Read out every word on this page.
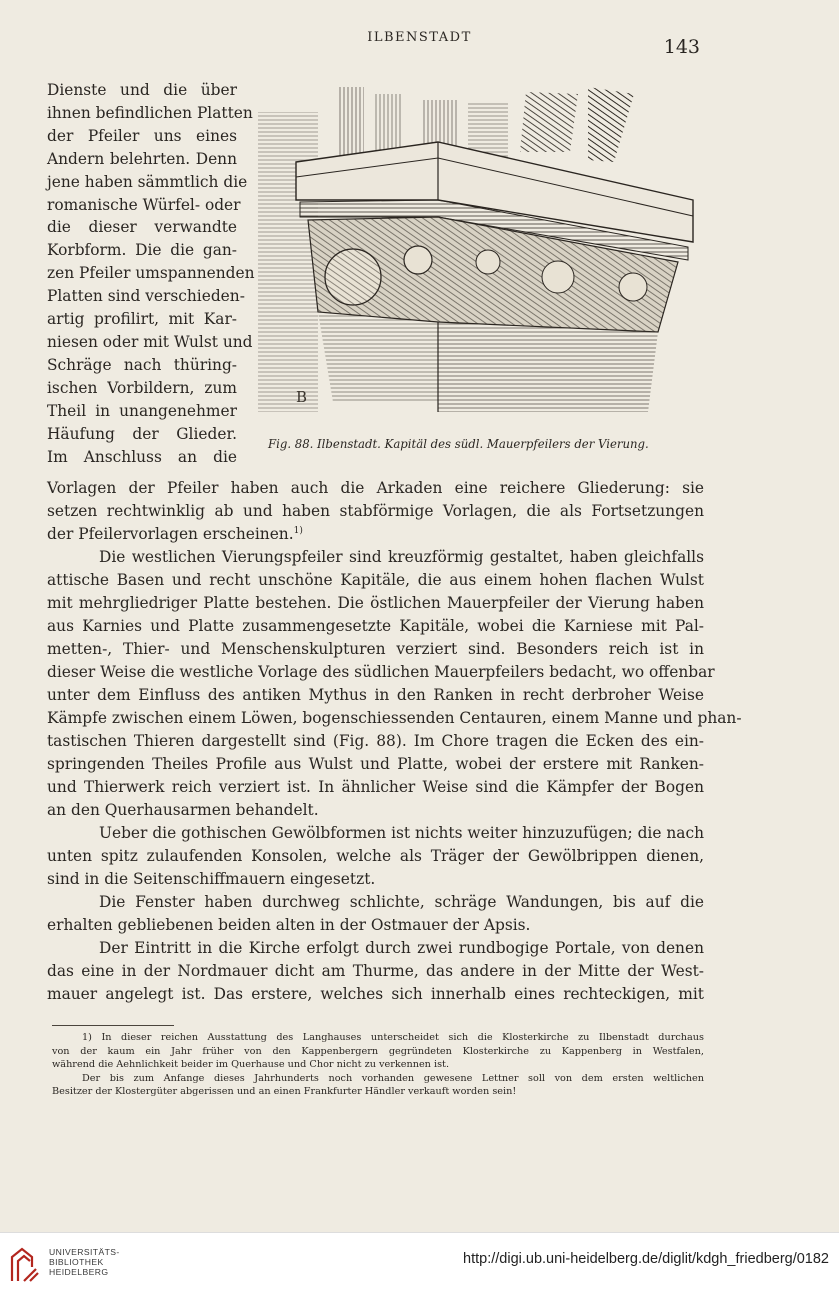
ILBENSTADT	143
Dienste und die über
ihnen befindlichen Platten
der Pfeiler uns eines
Andern belehrten. Denn
jene haben sämmtlich die
romanische Würfel- oder
die dieser verwandte
Korbform. Die die gan-
zen Pfeiler umspannenden
Platten sind verschieden-
artig profilirt, mit Kar-
niesen oder mit Wulst und
Schräge nach thüring-
ischen Vorbildern, zum
Theil in unangenehmer
Häufung der Glieder.
Im Anschluss an die
B
Fig. 88. Ilbenstadt. Kapitäl des südl. Mauerpfeilers der Vierung.
Vorlagen der Pfeiler haben auch die Arkaden eine reichere Gliederung: sie
setzen rechtwinklig ab und haben stabförmige Vorlagen, die als Fortsetzungen
der Pfeilervorlagen erscheinen.$^{1)}$
Die westlichen Vierungspfeiler sind kreuzförmig gestaltet, haben gleichfalls
attische Basen und recht unschöne Kapitäle, die aus einem hohen flachen Wulst
mit mehrgliedriger Platte bestehen. Die östlichen Mauerpfeiler der Vierung haben
aus Karnies und Platte zusammengesetzte Kapitäle, wobei die Karniese mit Pal-
metten-, Thier- und Menschenskulpturen verziert sind. Besonders reich ist in
dieser Weise die westliche Vorlage des südlichen Mauerpfeilers bedacht, wo offenbar
unter dem Einfluss des antiken Mythus in den Ranken in recht derbroher Weise
Kämpfe zwischen einem Löwen, bogenschiessenden Centauren, einem Manne und phan-
tastischen Thieren dargestellt sind (Fig. 88). Im Chore tragen die Ecken des ein-
springenden Theiles Profile aus Wulst und Platte, wobei der erstere mit Ranken-
und Thierwerk reich verziert ist. In ähnlicher Weise sind die Kämpfer der Bogen
an den Querhausarmen behandelt.
Ueber die gothischen Gewölbformen ist nichts weiter hinzuzufügen; die nach
unten spitz zulaufenden Konsolen, welche als Träger der Gewölbrippen dienen,
sind in die Seitenschiffmauern eingesetzt.
Die Fenster haben durchweg schlichte, schräge Wandungen, bis auf die
erhalten gebliebenen beiden alten in der Ostmauer der Apsis.
Der Eintritt in die Kirche erfolgt durch zwei rundbogige Portale, von denen
das eine in der Nordmauer dicht am Thurme, das andere in der Mitte der West-
mauer angelegt ist. Das erstere, welches sich innerhalb eines rechteckigen, mit
1) In dieser reichen Ausstattung des Langhauses unterscheidet sich die Klosterkirche zu Ilbenstadt durchaus
von der kaum ein Jahr früher von den Kappenbergern gegründeten Klosterkirche zu Kappenberg in Westfalen,
während die Aehnlichkeit beider im Querhause und Chor nicht zu verkennen ist.
Der bis zum Anfange dieses Jahrhunderts noch vorhanden gewesene Lettner soll von dem ersten weltlichen
Besitzer der Klostergüter abgerissen und an einen Frankfurter Händler verkauft worden sein!
UNIVERSITÄTS-
BIBLIOTHEK
HEIDELBERG
http://digi.ub.uni-heidelberg.de/diglit/kdgh_friedberg/0182
